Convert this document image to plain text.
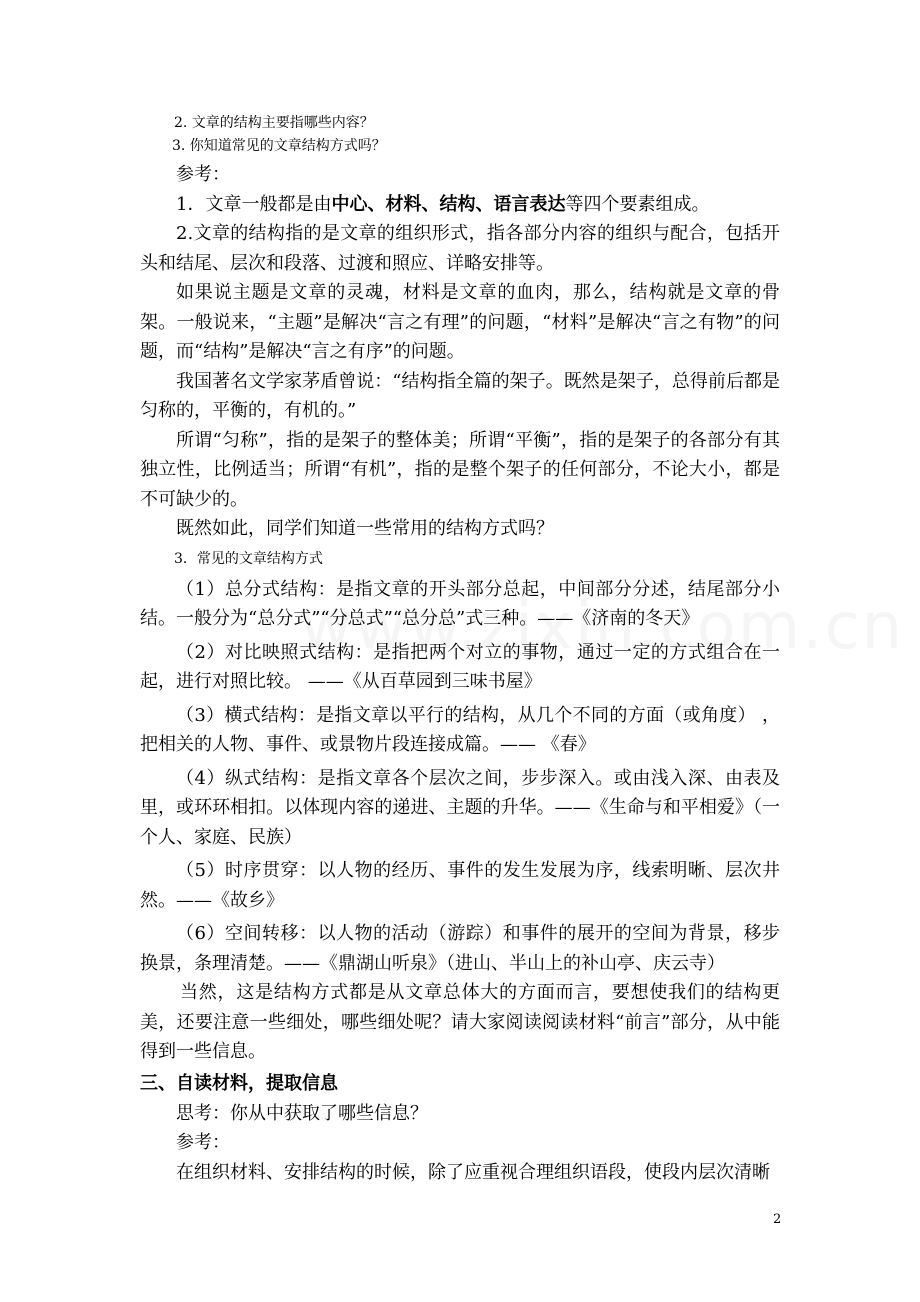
2. 文章的结构主要指哪些内容？

3. 你知道常见的文章结构方式吗？

参考：

1．文章一般都是由中心、材料、结构、语言表达等四个要素组成。

2.文章的结构指的是文章的组织形式，指各部分内容的组织与配合，包括开头和结尾、层次和段落、过渡和照应、详略安排等。

如果说主题是文章的灵魂，材料是文章的血肉，那么，结构就是文章的骨架。一般说来，“主题”是解决“言之有理”的问题，“材料”是解决“言之有物”的问题，而“结构”是解决“言之有序”的问题。

我国著名文学家茅盾曾说：“结构指全篇的架子。既然是架子，总得前后都是匀称的，平衡的，有机的。”

所谓“匀称”，指的是架子的整体美；所谓“平衡”，指的是架子的各部分有其独立性，比例适当；所谓“有机”，指的是整个架子的任何部分，不论大小，都是不可缺少的。

既然如此，同学们知道一些常用的结构方式吗？

3．常见的文章结构方式

（1）总分式结构：是指文章的开头部分总起，中间部分分述，结尾部分小结。一般分为“总分式”“分总式”“总分总”式三种。——《济南的冬天》

（2）对比映照式结构：是指把两个对立的事物，通过一定的方式组合在一起，进行对照比较。 ——《从百草园到三味书屋》

（3）横式结构：是指文章以平行的结构，从几个不同的方面（或角度） ，把相关的人物、事件、或景物片段连接成篇。—— 《春》

（4）纵式结构：是指文章各个层次之间，步步深入。或由浅入深、由表及里，或环环相扣。以体现内容的递进、主题的升华。——《生命与和平相爱》（一个人、家庭、民族）

（5）时序贯穿：以人物的经历、事件的发生发展为序，线索明晰、层次井然。——《故乡》

（6）空间转移：以人物的活动（游踪）和事件的展开的空间为背景，移步换景，条理清楚。——《鼎湖山听泉》（进山、半山上的补山亭、庆云寺）

当然，这是结构方式都是从文章总体大的方面而言，要想使我们的结构更美，还要注意一些细处，哪些细处呢？请大家阅读阅读材料“前言”部分，从中能得到一些信息。

三、自读材料，提取信息

思考：你从中获取了哪些信息？

参考：

在组织材料、安排结构的时候，除了应重视合理组织语段，使段内层次清晰

2
